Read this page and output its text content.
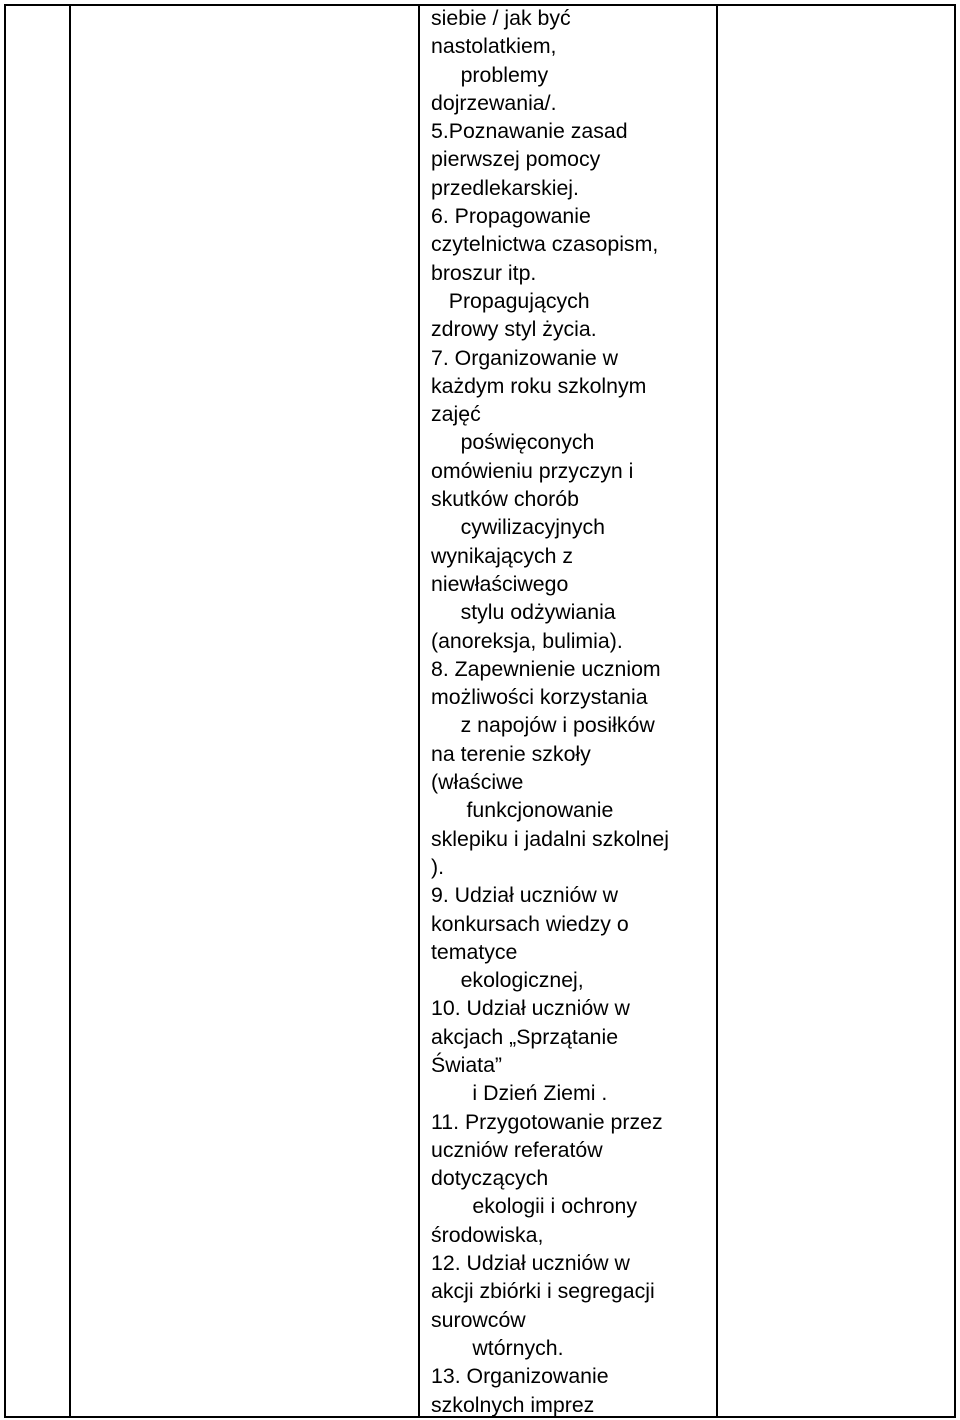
siebie / jak być
nastolatkiem,
problemy
dojrzewania/.
5.Poznawanie zasad
pierwszej pomocy
przedlekarskiej.
6. Propagowanie
czytelnictwa czasopism,
broszur itp.
Propagujących
zdrowy styl życia.
7. Organizowanie w
każdym roku szkolnym
zajęć
poświęconych
omówieniu przyczyn i
skutków chorób
cywilizacyjnych
wynikających z
niewłaściwego
stylu odżywiania
(anoreksja, bulimia).
8. Zapewnienie uczniom
możliwości korzystania
z napojów i posiłków
na terenie szkoły
(właściwe
funkcjonowanie
sklepiku i jadalni szkolnej
).
9. Udział uczniów w
konkursach wiedzy o
tematyce
ekologicznej,
10. Udział uczniów w
akcjach „Sprzątanie
Świata”
i Dzień Ziemi .
11. Przygotowanie przez
uczniów referatów
dotyczących
ekologii i ochrony
środowiska,
12. Udział uczniów w
akcji zbiórki i segregacji
surowców
wtórnych.
13. Organizowanie
szkolnych imprez
